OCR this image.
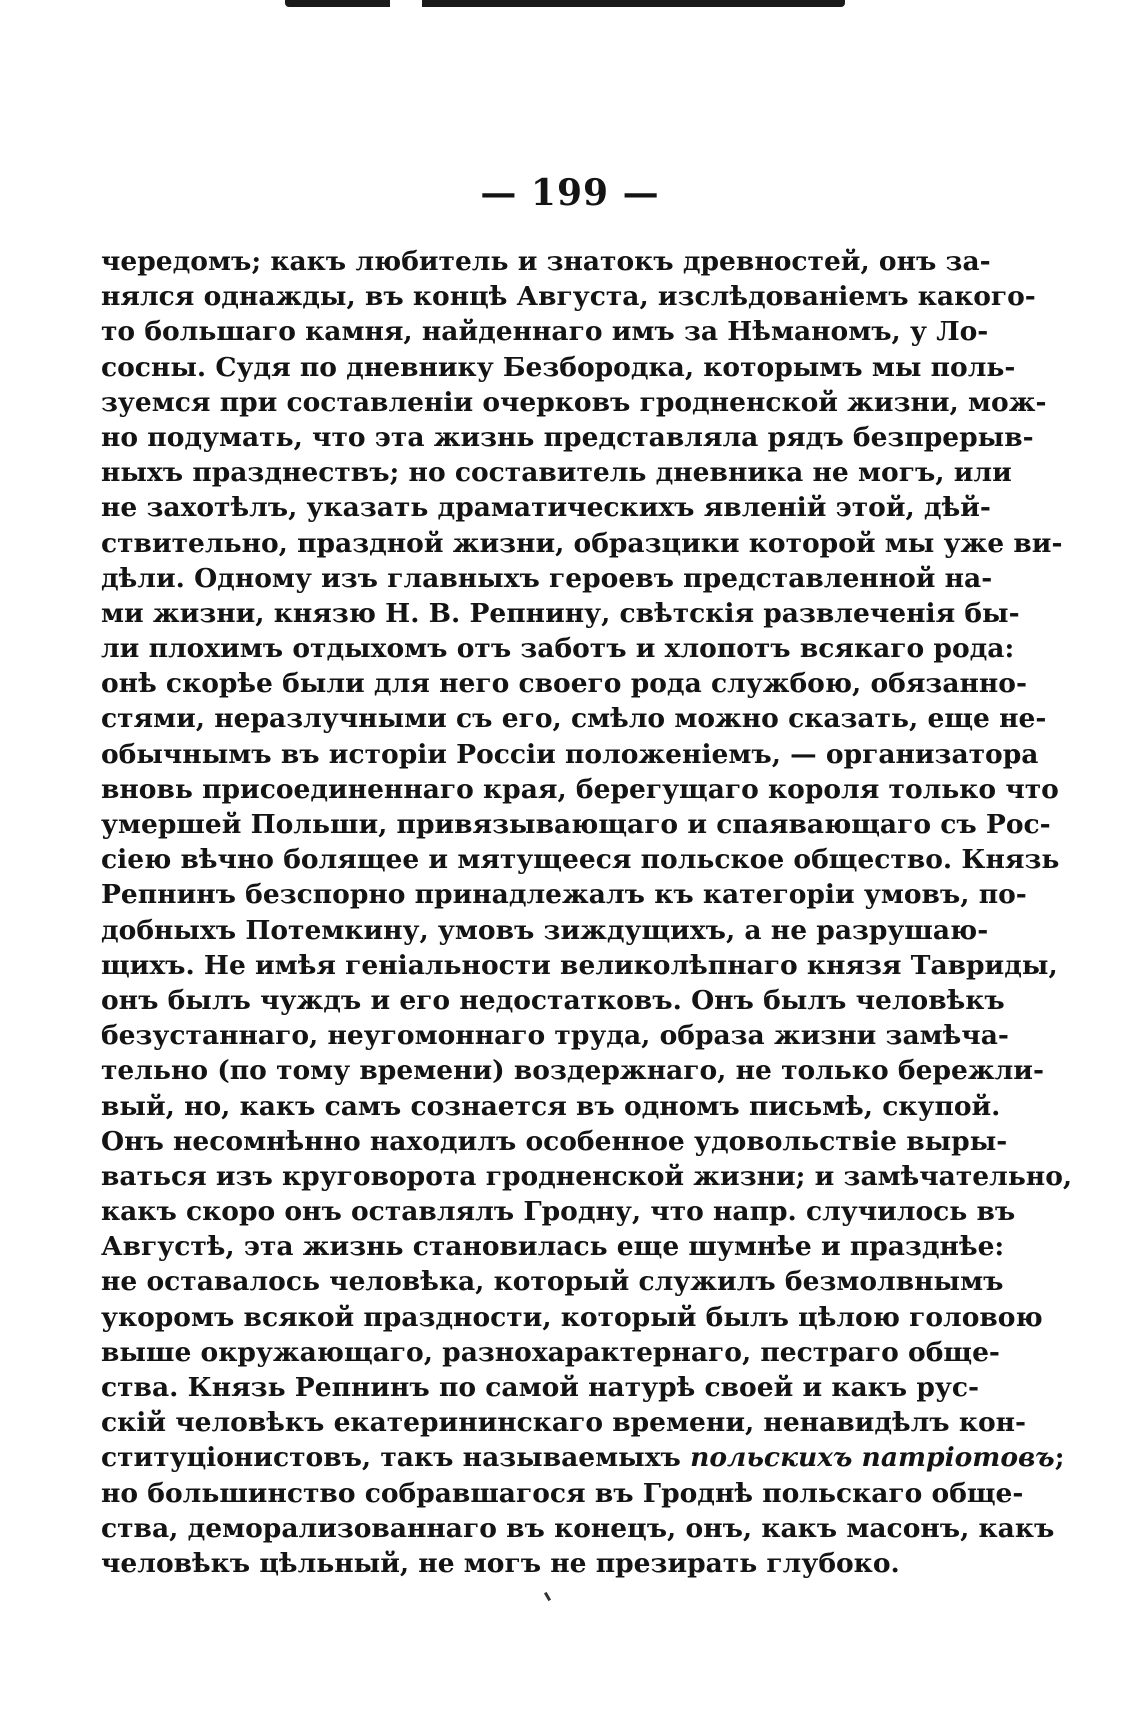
— 199 —
чередомъ; какъ любитель и знатокъ древностей, онъ за-
нялся однажды, въ концѣ Августа, изслѣдованіемъ какого-
то большаго камня, найденнаго имъ за Нѣманомъ, у Ло-
сосны. Судя по дневнику Безбородка, которымъ мы поль-
зуемся при составленіи очерковъ гродненской жизни, мож-
но подумать, что эта жизнь представляла рядъ безпрерыв-
ныхъ празднествъ; но составитель дневника не могъ, или
не захотѣлъ, указать драматическихъ явленій этой, дѣй-
ствительно, праздной жизни, образцики которой мы уже ви-
дѣли. Одному изъ главныхъ героевъ представленной на-
ми жизни, князю Н. В. Репнину, свѣтскія развлеченія бы-
ли плохимъ отдыхомъ отъ заботъ и хлопотъ всякаго рода:
онѣ скорѣе были для него своего рода службою, обязанно-
стями, неразлучными съ его, смѣло можно сказать, еще не-
обычнымъ въ исторіи Россіи положеніемъ, — организатора
вновь присоединеннаго края, берегущаго короля только что
умершей Польши, привязывающаго и спаявающаго съ Рос-
сіею вѣчно болящее и мятущееся польское общество. Князь
Репнинъ безспорно принадлежалъ къ категоріи умовъ, по-
добныхъ Потемкину, умовъ зиждущихъ, а не разрушаю-
щихъ. Не имѣя геніальности великолѣпнаго князя Тавриды,
онъ былъ чуждъ и его недостатковъ. Онъ былъ человѣкъ
безустаннаго, неугомоннаго труда, образа жизни замѣча-
тельно (по тому времени) воздержнаго, не только бережли-
вый, но, какъ самъ сознается въ одномъ письмѣ, скупой.
Онъ несомнѣнно находилъ особенное удовольствіе выры-
ваться изъ круговорота гродненской жизни; и замѣчательно,
какъ скоро онъ оставлялъ Гродну, что напр. случилось въ
Августѣ, эта жизнь становилась еще шумнѣе и празднѣе:
не оставалось человѣка, который служилъ безмолвнымъ
укоромъ всякой праздности, который былъ цѣлою головою
выше окружающаго, разнохарактернаго, пестраго обще-
ства. Князь Репнинъ по самой натурѣ своей и какъ рус-
скій человѣкъ екатерининскаго времени, ненавидѣлъ кон-
ституціонистовъ, такъ называемыхъ польскихъ патріотовъ;
но большинство собравшагося въ Гроднѣ польскаго обще-
ства, деморализованнаго въ конецъ, онъ, какъ масонъ, какъ
человѣкъ цѣльный, не могъ не презирать глубоко.
